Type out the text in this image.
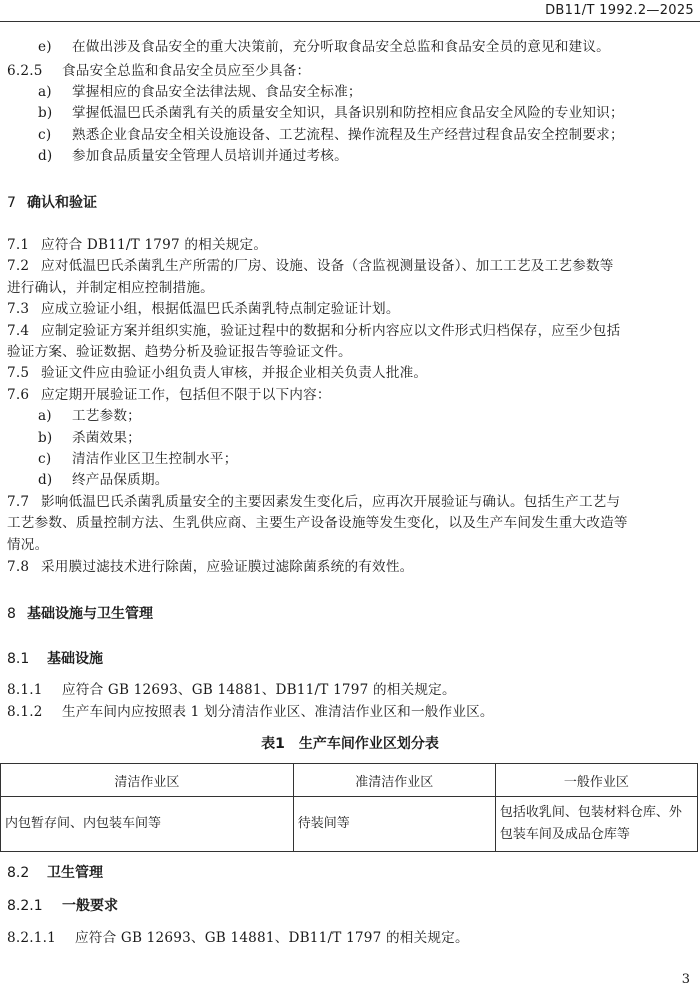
DB11/T 1992.2—2025
e) 在做出涉及食品安全的重大决策前，充分听取食品安全总监和食品安全员的意见和建议。
6.2.5 食品安全总监和食品安全员应至少具备：
a) 掌握相应的食品安全法律法规、食品安全标准；
b) 掌握低温巴氏杀菌乳有关的质量安全知识，具备识别和防控相应食品安全风险的专业知识；
c) 熟悉企业食品安全相关设施设备、工艺流程、操作流程及生产经营过程食品安全控制要求；
d) 参加食品质量安全管理人员培训并通过考核。
7 确认和验证
7.1 应符合 DB11/T 1797 的相关规定。
7.2 应对低温巴氏杀菌乳生产所需的厂房、设施、设备（含监视测量设备）、加工工艺及工艺参数等
进行确认，并制定相应控制措施。
7.3 应成立验证小组，根据低温巴氏杀菌乳特点制定验证计划。
7.4 应制定验证方案并组织实施，验证过程中的数据和分析内容应以文件形式归档保存，应至少包括
验证方案、验证数据、趋势分析及验证报告等验证文件。
7.5 验证文件应由验证小组负责人审核，并报企业相关负责人批准。
7.6 应定期开展验证工作，包括但不限于以下内容：
a) 工艺参数；
b) 杀菌效果；
c) 清洁作业区卫生控制水平；
d) 终产品保质期。
7.7 影响低温巴氏杀菌乳质量安全的主要因素发生变化后，应再次开展验证与确认。包括生产工艺与
工艺参数、质量控制方法、生乳供应商、主要生产设备设施等发生变化，以及生产车间发生重大改造等
情况。
7.8 采用膜过滤技术进行除菌，应验证膜过滤除菌系统的有效性。
8 基础设施与卫生管理
8.1 基础设施
8.1.1 应符合 GB 12693、GB 14881、DB11/T 1797 的相关规定。
8.1.2 生产车间内应按照表 1 划分清洁作业区、准清洁作业区和一般作业区。
表1　生产车间作业区划分表
清洁作业区	准清洁作业区	一般作业区
内包暂存间、内包装车间等	待装间等	包括收乳间、包装材料仓库、外包装车间及成品仓库等
8.2 卫生管理
8.2.1 一般要求
8.2.1.1 应符合 GB 12693、GB 14881、DB11/T 1797 的相关规定。
3
